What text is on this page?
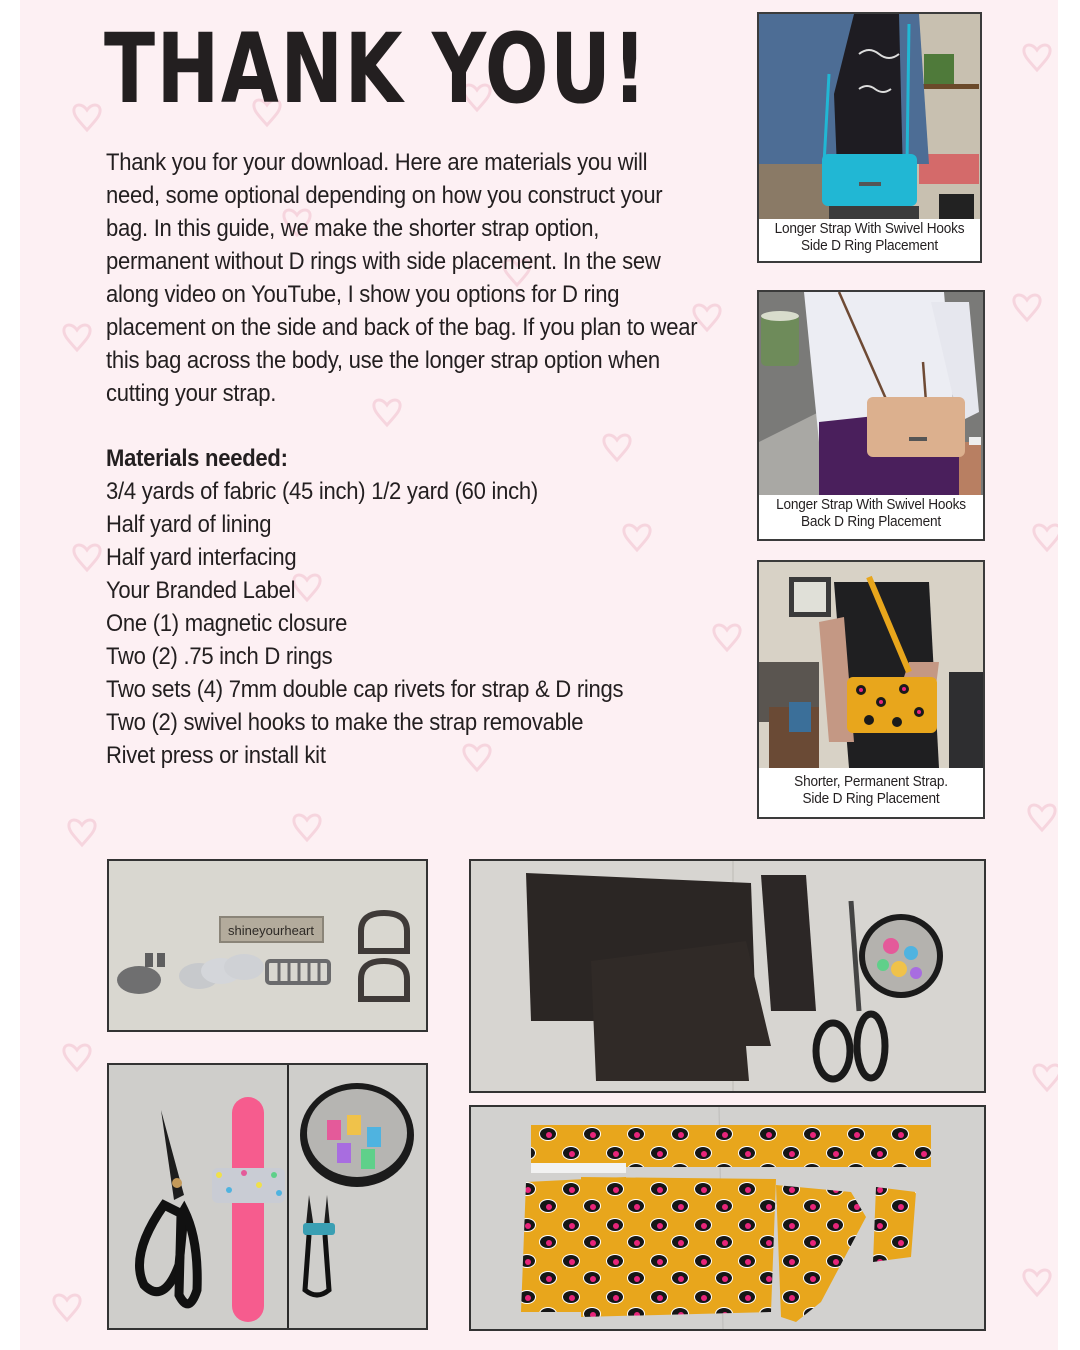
THANK YOU!

Thank you for your download. Here are materials you will need, some optional depending on how you construct your bag. In this guide, we make the shorter strap option, permanent without D rings with side placement. In the sew along video on YouTube, I show you options for D ring placement on the side and back of the bag. If you plan to wear this bag across the body, use the longer strap option when cutting your strap.

Materials needed:
3/4 yards of fabric (45 inch) 1/2 yard (60 inch)
Half yard of lining
Half yard interfacing
Your Branded Label
One (1) magnetic closure
Two (2) .75 inch D rings
Two sets (4) 7mm double cap rivets for strap & D rings
Two (2) swivel hooks to make the strap removable
Rivet press or install kit
Longer Strap With Swivel Hooks
Side D Ring Placement
Longer Strap With Swivel Hooks
Back D Ring Placement
Shorter, Permanent Strap.
Side D Ring Placement
shineyourheart
